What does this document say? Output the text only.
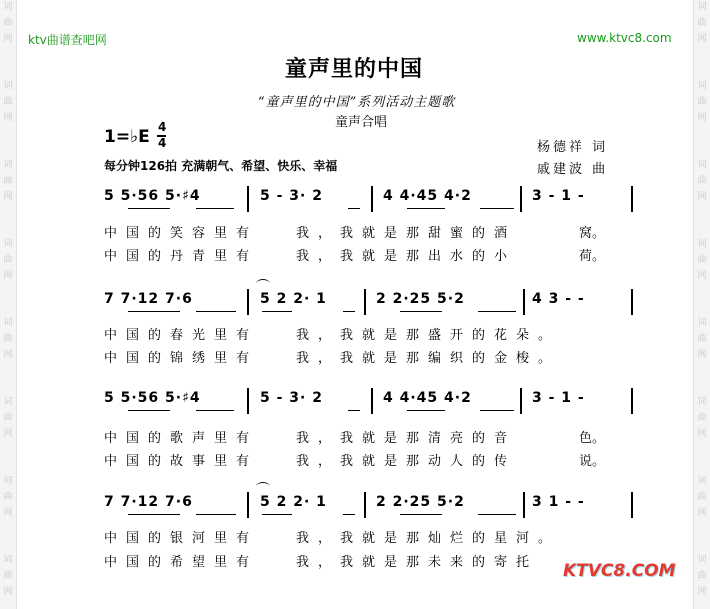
ktv曲谱查吧网	www.ktvc8.com
童声里的中国
“童声里的中国”系列活动主题歌
童声合唱
1=♭E 4
4	杨德祥 词
戚建波 曲
每分钟126拍 充满朝气、希望、快乐、幸福
5 5·56 5·♯4	5 - 3· 2	4 4·45 4·2	3 - 1 -
中国的笑容里有	我，我就是那甜蜜的酒	窝。
中国的丹青里有	我，我就是那出水的小	荷。
7 7·12 7·6	5 2 2· 1	2 2·25 5·2	4 3 - -
中国的春光里有	我，我就是那盛开的花朵。
中国的锦绣里有	我，我就是那编织的金梭。
5 5·56 5·♯4	5 - 3· 2	4 4·45 4·2	3 - 1 -
中国的歌声里有	我，我就是那清亮的音	色。
中国的故事里有	我，我就是那动人的传	说。
7 7·12 7·6	5 2 2· 1	2 2·25 5·2	3 1 - -
中国的银河里有	我，我就是那灿烂的星河。
中国的希望里有	我，我就是那未来的寄托 KTVC8.COM
词
曲
网
词
曲
网
词
曲
网
词
曲
网
词
曲
网
词
曲
网
词
曲
网
词
曲
网
词
曲
网
词
曲
网
词
曲
网
词
曲
网
词
曲
网
词
曲
网
词
曲
网
词
曲
网
